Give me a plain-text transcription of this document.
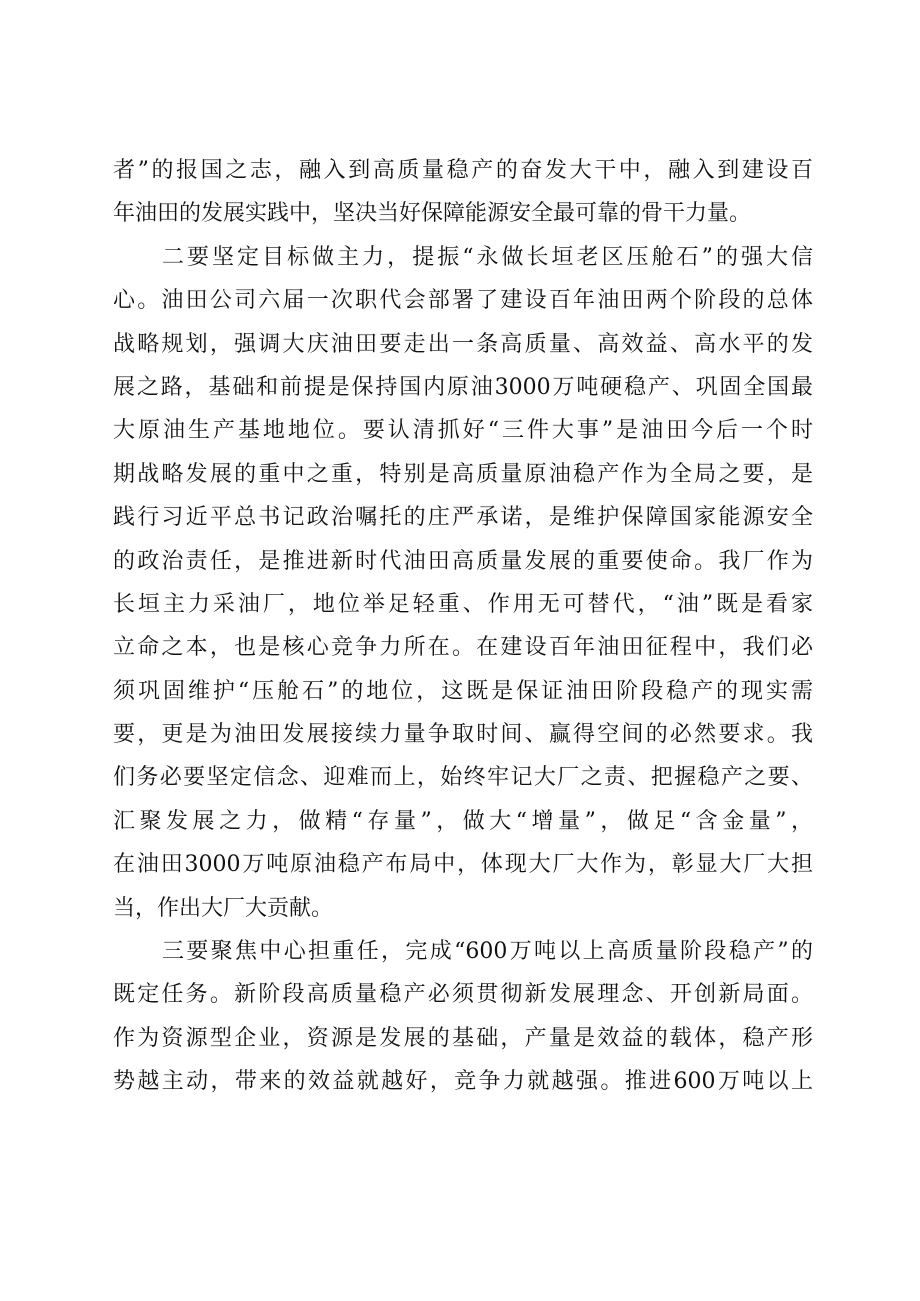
者”的报国之志，融入到高质量稳产的奋发大干中，融入到建设百
年油田的发展实践中，坚决当好保障能源安全最可靠的骨干力量。
二要坚定目标做主力，提振“永做长垣老区压舱石”的强大信
心。油田公司六届一次职代会部署了建设百年油田两个阶段的总体
战略规划，强调大庆油田要走出一条高质量、高效益、高水平的发
展之路，基础和前提是保持国内原油3000万吨硬稳产、巩固全国最
大原油生产基地地位。要认清抓好“三件大事”是油田今后一个时
期战略发展的重中之重，特别是高质量原油稳产作为全局之要，是
践行习近平总书记政治嘱托的庄严承诺，是维护保障国家能源安全
的政治责任，是推进新时代油田高质量发展的重要使命。我厂作为
长垣主力采油厂，地位举足轻重、作用无可替代，“油”既是看家
立命之本，也是核心竞争力所在。在建设百年油田征程中，我们必
须巩固维护“压舱石”的地位，这既是保证油田阶段稳产的现实需
要，更是为油田发展接续力量争取时间、赢得空间的必然要求。我
们务必要坚定信念、迎难而上，始终牢记大厂之责、把握稳产之要、
汇聚发展之力，做精“存量”，做大“增量”，做足“含金量”，
在油田3000万吨原油稳产布局中，体现大厂大作为，彰显大厂大担
当，作出大厂大贡献。
三要聚焦中心担重任，完成“600万吨以上高质量阶段稳产”的
既定任务。新阶段高质量稳产必须贯彻新发展理念、开创新局面。
作为资源型企业，资源是发展的基础，产量是效益的载体，稳产形
势越主动，带来的效益就越好，竞争力就越强。推进600万吨以上
